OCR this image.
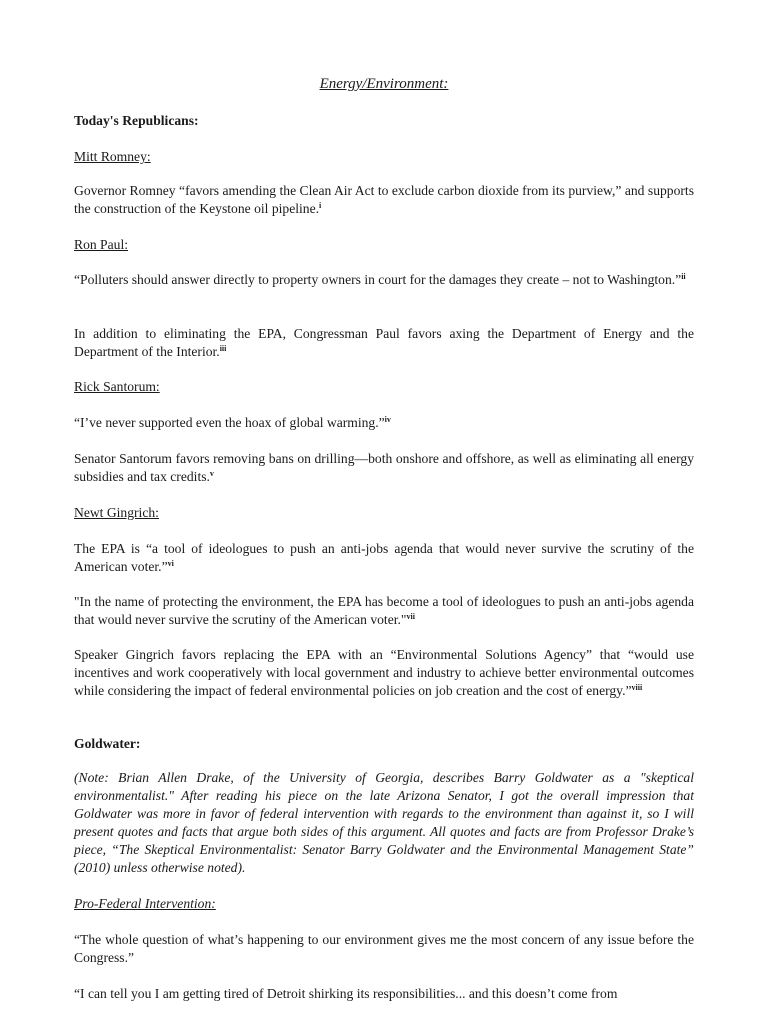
Energy/Environment:

Today's Republicans:

Mitt Romney:

Governor Romney “favors amending the Clean Air Act to exclude carbon dioxide from its purview,” and supports the construction of the Keystone oil pipeline.$^i$

Ron Paul:

“Polluters should answer directly to property owners in court for the damages they create – not to Washington.”$^{ii}$

In addition to eliminating the EPA, Congressman Paul favors axing the Department of Energy and the Department of the Interior.$^{iii}$

Rick Santorum:

“I’ve never supported even the hoax of global warming.”$^{iv}$

Senator Santorum favors removing bans on drilling—both onshore and offshore, as well as eliminating all energy subsidies and tax credits.$^v$

Newt Gingrich:

The EPA is “a tool of ideologues to push an anti-jobs agenda that would never survive the scrutiny of the American voter.”$^{vi}$

"In the name of protecting the environment, the EPA has become a tool of ideologues to push an anti-jobs agenda that would never survive the scrutiny of the American voter."$^{vii}$

Speaker Gingrich favors replacing the EPA with an “Environmental Solutions Agency” that “would use incentives and work cooperatively with local government and industry to achieve better environmental outcomes while considering the impact of federal environmental policies on job creation and the cost of energy.”$^{viii}$

Goldwater:

(Note: Brian Allen Drake, of the University of Georgia, describes Barry Goldwater as a "skeptical environmentalist." After reading his piece on the late Arizona Senator, I got the overall impression that Goldwater was more in favor of federal intervention with regards to the environment than against it, so I will present quotes and facts that argue both sides of this argument. All quotes and facts are from Professor Drake’s piece, “The Skeptical Environmentalist: Senator Barry Goldwater and the Environmental Management State” (2010) unless otherwise noted).

Pro-Federal Intervention:

“The whole question of what’s happening to our environment gives me the most concern of any issue before the Congress.”

“I can tell you I am getting tired of Detroit shirking its responsibilities... and this doesn’t come from
